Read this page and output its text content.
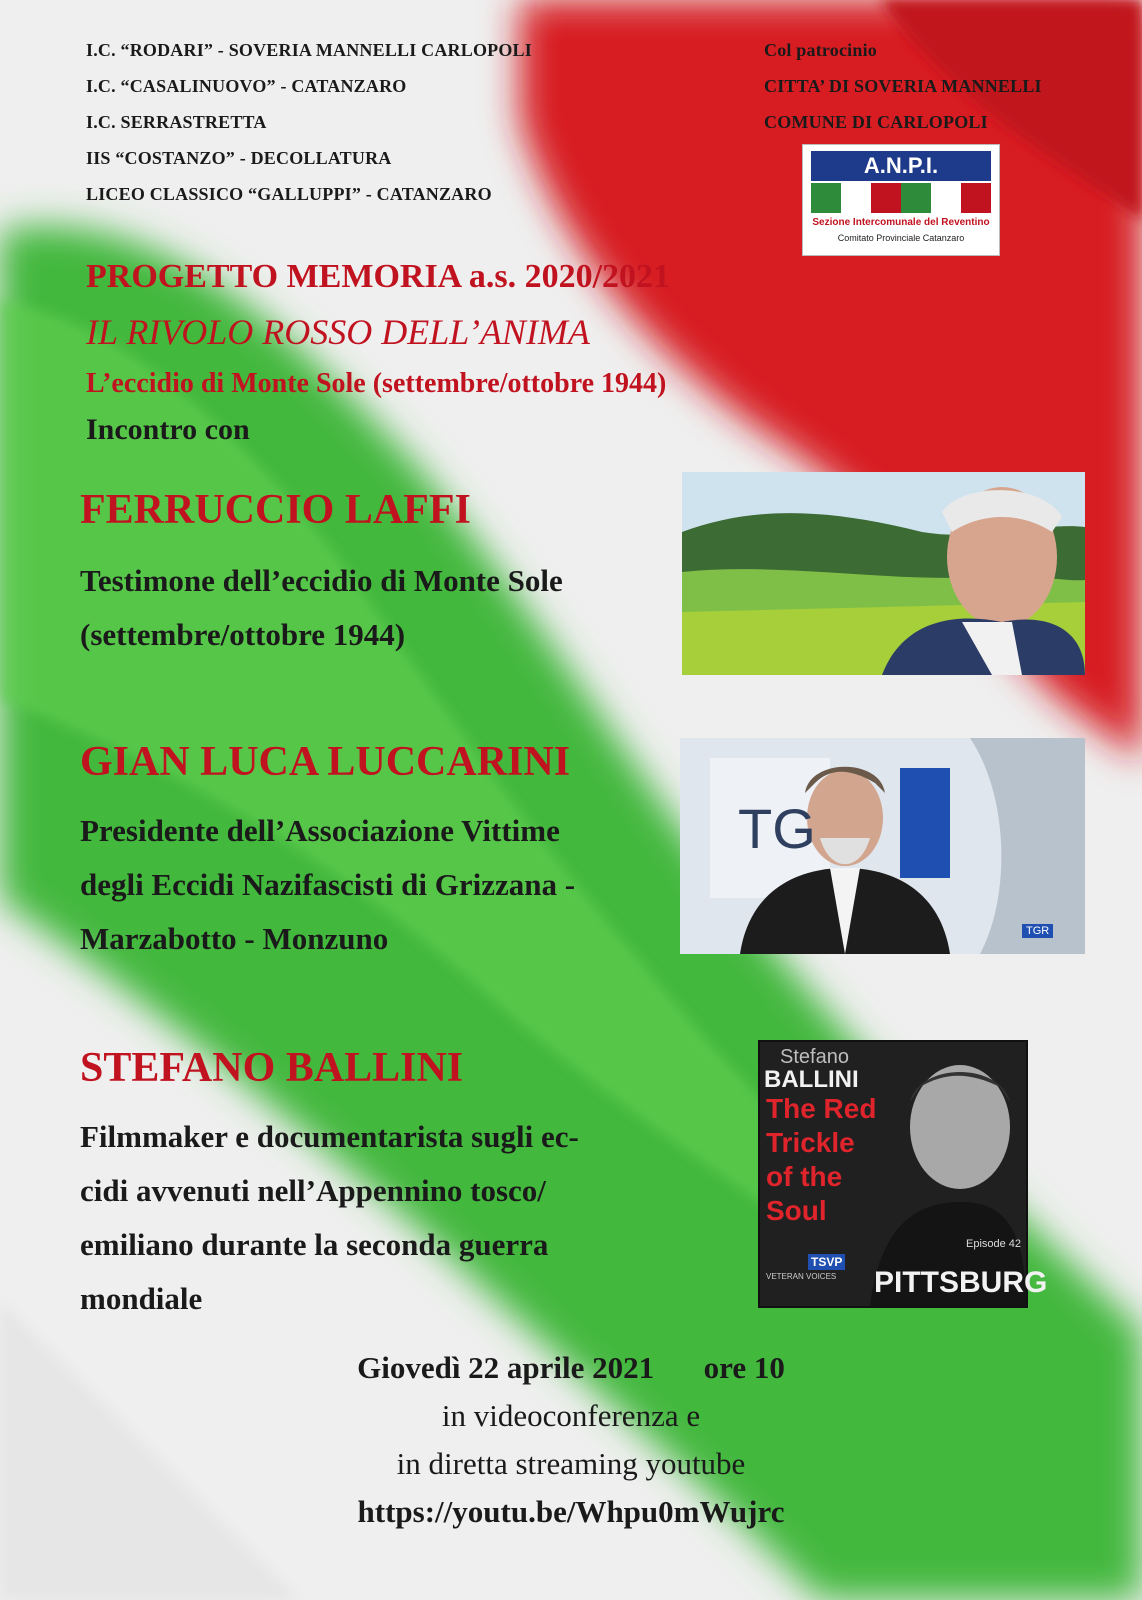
I.C. “RODARI” - SOVERIA MANNELLI CARLOPOLI
I.C. “CASALINUOVO” - CATANZARO
I.C. SERRASTRETTA
IIS “COSTANZO” - DECOLLATURA
LICEO CLASSICO “GALLUPPI” - CATANZARO
Col patrocinio
CITTA’ DI SOVERIA MANNELLI
COMUNE DI CARLOPOLI
A.N.P.I.
Sezione Intercomunale del Reventino
Comitato Provinciale Catanzaro
PROGETTO MEMORIA a.s. 2020/2021
IL RIVOLO ROSSO DELL’ANIMA
L’eccidio di Monte Sole (settembre/ottobre 1944)
Incontro con
FERRUCCIO LAFFI
Testimone dell’eccidio di Monte Sole
(settembre/ottobre 1944)
GIAN LUCA LUCCARINI
Presidente dell’Associazione Vittime
degli Eccidi Nazifascisti di Grizzana -
Marzabotto - Monzuno
TG
TGR
STEFANO BALLINI
Filmmaker e documentarista sugli ec-
cidi avvenuti nell’Appennino tosco/
emiliano durante la seconda guerra
mondiale
Stefano
BALLINI
The Red
Trickle
of the
Soul
Episode 42
TSVP
VETERAN VOICES PITTSBURG
Giovedì 22 aprile 2021 ore 10
in videoconferenza e
in diretta streaming youtube
https://youtu.be/Whpu0mWujrc
